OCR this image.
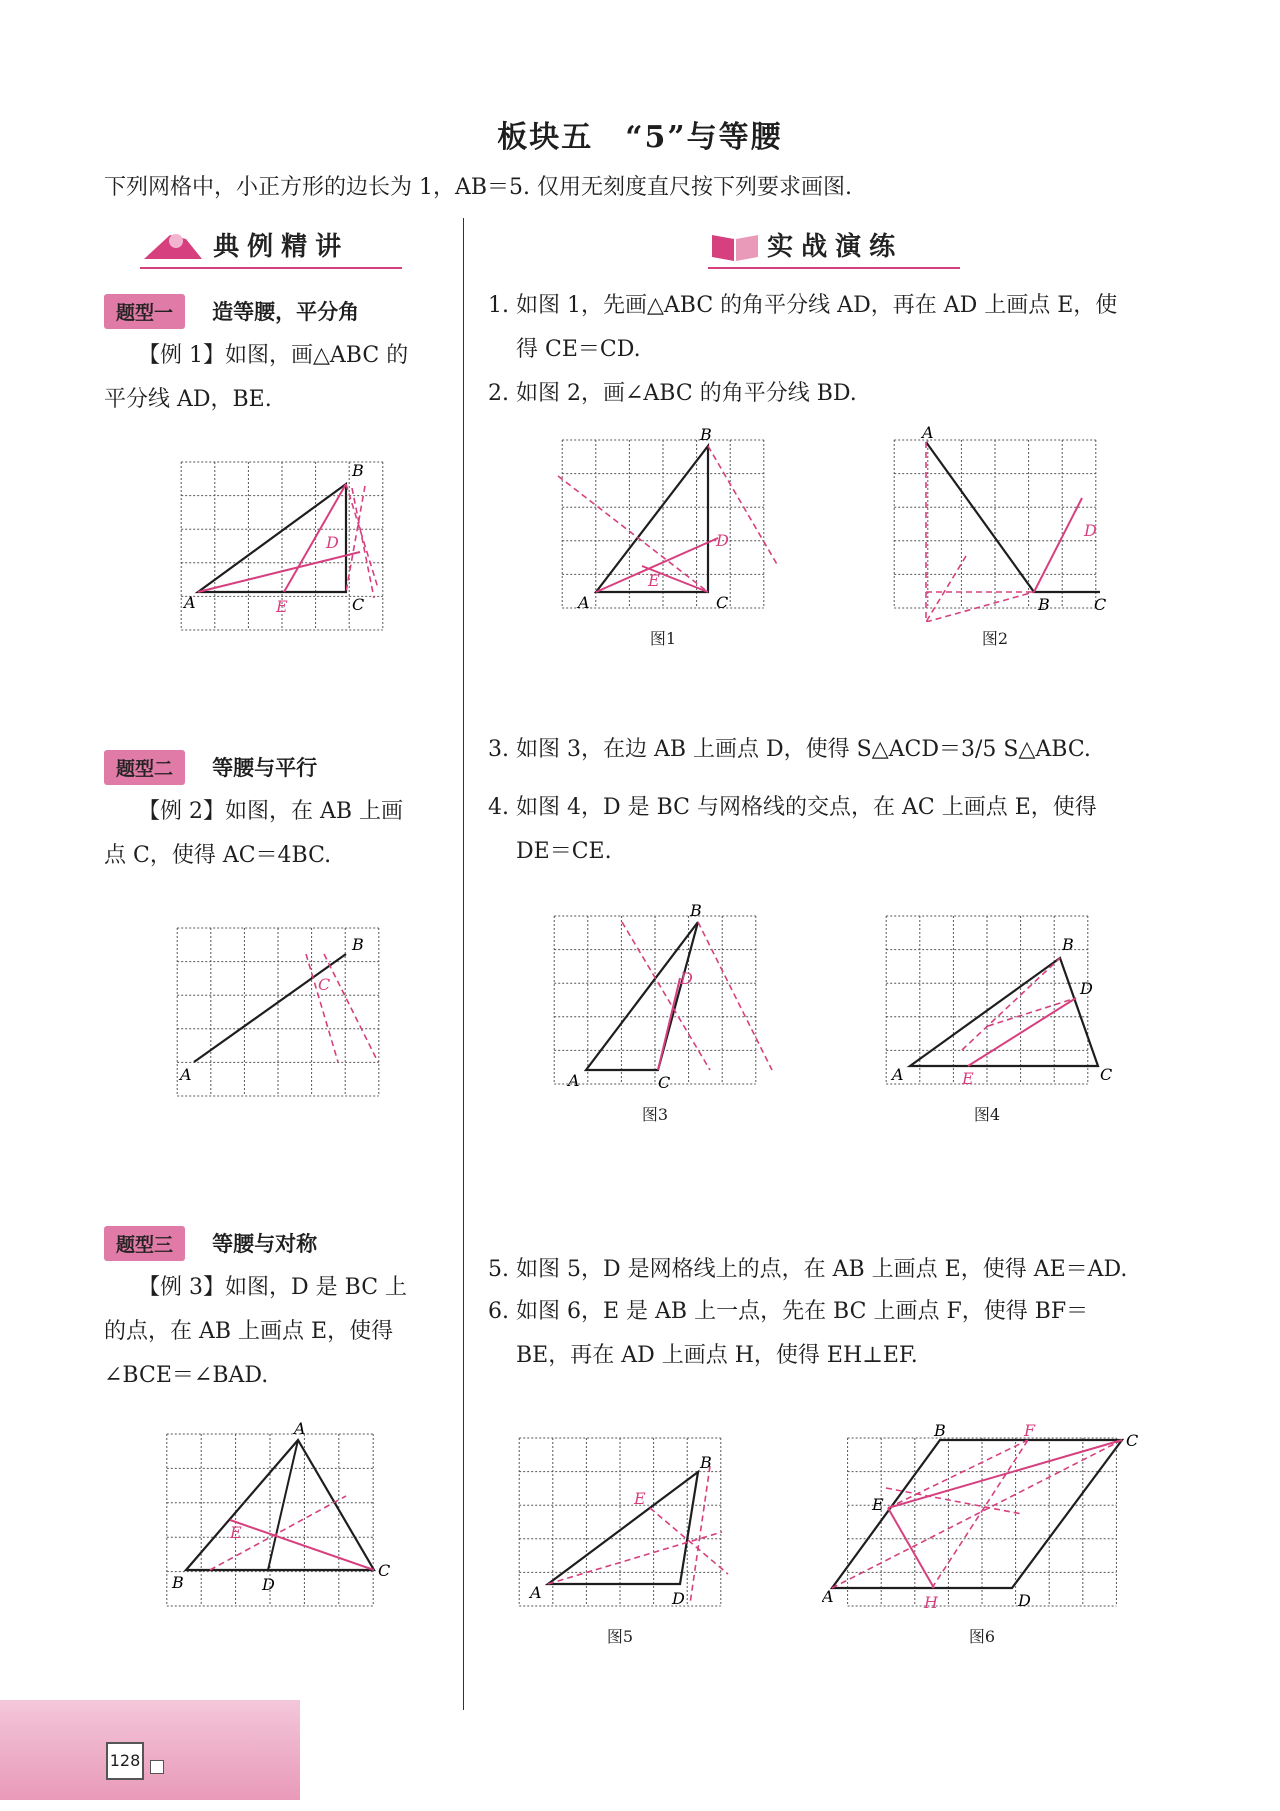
板块五　“5”与等腰
下列网格中，小正方形的边长为 1，AB＝5. 仅用无刻度直尺按下列要求画图.
典例精讲	实战演练
题型一 造等腰，平分角
【例 1】如图，画△ABC 的
平分线 AD，BE.
A
B
C
D
E
题型二 等腰与平行
【例 2】如图，在 AB 上画
点 C，使得 AC＝4BC.
A
B
C
题型三 等腰与对称
【例 3】如图，D 是 BC 上
的点，在 AB 上画点 E，使得
∠BCE＝∠BAD.
A
B
C
D
E
1. 如图 1，先画△ABC 的角平分线 AD，再在 AD 上画点 E，使
得 CE＝CD.
2. 如图 2，画∠ABC 的角平分线 BD.
A
B
C
D
E
图1
A
B	C
D
图2
3. 如图 3，在边 AB 上画点 D，使得 S△ACD＝3/5 S△ABC.
4. 如图 4，D 是 BC 与网格线的交点，在 AC 上画点 E，使得
DE＝CE.
A
B
C
D
图3
A
B
C
D
E
图4
5. 如图 5，D 是网格线上的点，在 AB 上画点 E，使得 AE＝AD.
6. 如图 6，E 是 AB 上一点，先在 BC 上画点 F，使得 BF＝
BE，再在 AD 上画点 H，使得 EH⊥EF.
A
B
D
E
图5
A
B
C
D
E
F
H
图6
128
